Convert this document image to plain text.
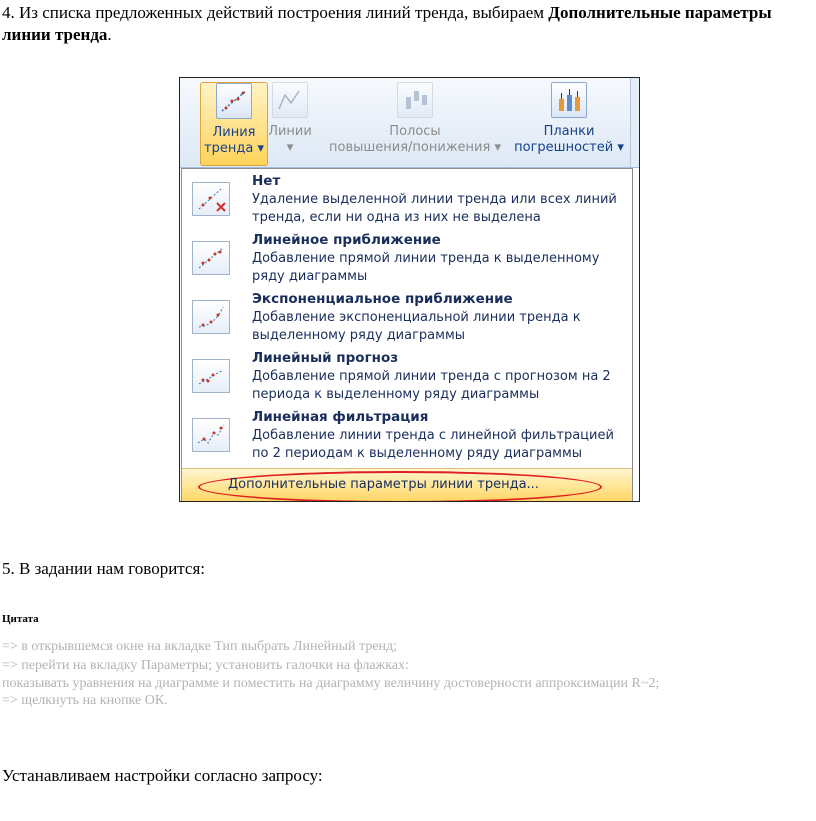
4. Из списка предложенных действий построения линий тренда, выбираем Дополнительные параметры линии тренда.

Линия
тренда ▾
Линии
▾
Полосы
повышения/понижения ▾
Планки
погрешностей ▾
Нет
Удаление выделенной линии тренда или всех линий тренда, если ни одна из них не выделена
Линейное приближение
Добавление прямой линии тренда к выделенному ряду диаграммы
Экспоненциальное приближение
Добавление экспоненциальной линии тренда к выделенному ряду диаграммы
Линейный прогноз
Добавление прямой линии тренда с прогнозом на 2 периода к выделенному ряду диаграммы
Линейная фильтрация
Добавление линии тренда с линейной фильтрацией по 2 периодам к выделенному ряду диаграммы
Дополнительные параметры линии тренда...

5. В задании нам говорится:

Цитата

=> в открывшемся окне на вкладке Тип выбрать Линейный тренд;

=> перейти на вкладку Параметры; установить галочки на флажках:

показывать уравнения на диаграмме и поместить на диаграмму величину достоверности аппроксимации R~2;

=> щелкнуть на кнопке ОК.

Устанавливаем настройки согласно запросу:
